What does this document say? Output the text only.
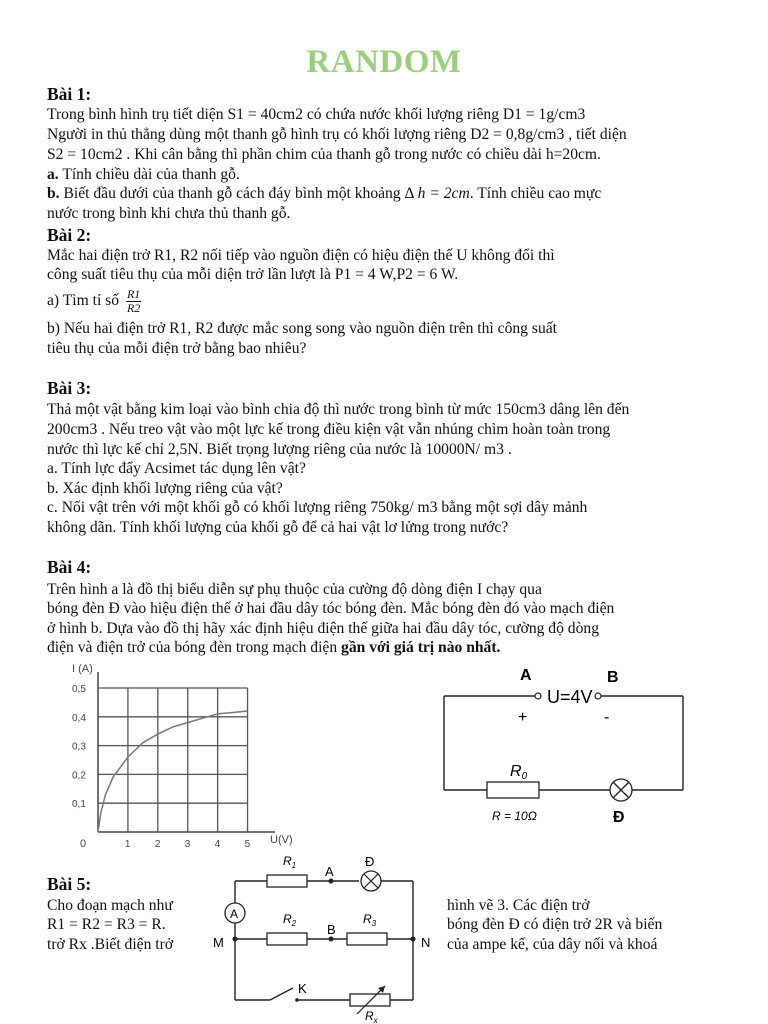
RANDOM
Bài 1:
Trong bình hình trụ tiết diện S1 = 40cm2 có chứa nước khối lượng riêng D1 = 1g/cm3
Người in thủ thẳng dùng một thanh gỗ hình trụ có khối lượng riêng D2 = 0,8g/cm3 , tiết diện
S2 = 10cm2 . Khi cân bằng thì phần chim của thanh gỗ trong nước có chiều dài h=20cm.
a. Tính chiều dài của thanh gỗ.
b. Biết đầu dưới của thanh gỗ cách đáy bình một khoảng Δ h = 2cm. Tính chiều cao mực
nước trong bình khi chưa thủ thanh gỗ.
Bài 2:
Mắc hai điện trở R1, R2 nối tiếp vào nguồn điện có hiệu điện thế U không đổi thì
công suất tiêu thụ của mỗi diện trở lần lượt là P1 = 4 W,P2 = 6 W.
a) Tìm tỉ số $\frac{R1}{R2}$
b) Nếu hai điện trở R1, R2 được mắc song song vào nguồn điện trên thì công suất
tiêu thụ của mỗi điện trở bằng bao nhiêu?
Bài 3:
Thả một vật bằng kim loại vào bình chia độ thì nước trong bình từ mức 150cm3 dâng lên đến
200cm3 . Nếu treo vật vào một lực kế trong điều kiện vật vẫn nhúng chìm hoàn toàn trong
nước thì lực kế chỉ 2,5N. Biết trọng lượng riêng của nước là 10000N/ m3 .
a. Tính lực đẩy Acsimet tác dụng lên vật?
b. Xác định khối lượng riêng của vật?
c. Nối vật trên với một khối gỗ có khối lượng riêng 750kg/ m3 bằng một sợi dây mảnh
không dãn. Tính khối lượng của khối gỗ để cả hai vật lơ lửng trong nước?
Bài 4:
Trên hình a là đồ thị biểu diễn sự phụ thuộc của cường độ dòng điện I chạy qua
bóng đèn Đ vào hiệu điện thế ở hai đầu dây tóc bóng đèn. Mắc bóng đèn đó vào mạch điện
ở hình b. Dựa vào đồ thị hãy xác định hiệu điện thế giữa hai đầu dây tóc, cường độ dòng
điện và điện trở của bóng đèn trong mạch điện gần với giá trị nào nhất.
I (A)
U(V)
0
0,5
0,4
0,3
0,2
0,1
1 2 3 4 5
A	B
U=4V
+	-
R0
R = 10Ω	Đ
Bài 5:
Cho đoạn mạch như
R1 = R2 = R3 = R.
trở Rx .Biết điện trở
hình vẽ 3. Các điện trở
bóng đèn Đ có điện trở 2R và biến
của ampe kế, của dây nối và khoá
A
$R_1$ A
Đ
$R_2$	$R_3$
B
M	N
K
$R_x$
